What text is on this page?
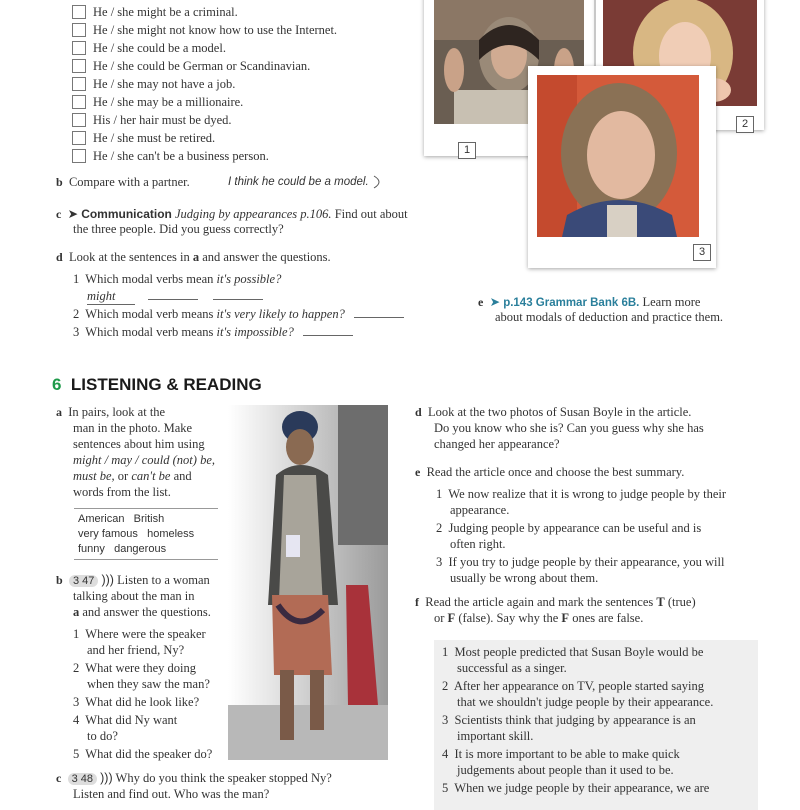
He / she might be a criminal.
He / she might not know how to use the Internet.
He / she could be a model.
He / she could be German or Scandinavian.
He / she may not have a job.
He / she may be a millionaire.
His / her hair must be dyed.
He / she must be retired.
He / she can't be a business person.
b Compare with a partner.	I think he could be a model.
c ➤ Communication Judging by appearances p.106. Find out about
the three people. Did you guess correctly?
d Look at the sentences in a and answer the questions.
1 Which modal verbs mean it's possible?
might
2 Which modal verb means it's very likely to happen?
3 Which modal verb means it's impossible?
e ➤ p.143 Grammar Bank 6B. Learn more
about modals of deduction and practice them.
1
2
3
6 LISTENING & READING
a In pairs, look at the
man in the photo. Make
sentences about him using
might / may / could (not) be,
must be, or can't be and
words from the list.
American   British
very famous   homeless
funny   dangerous
b 3 47 ))) Listen to a woman
talking about the man in
a and answer the questions.
1 Where were the speaker
and her friend, Ny?
2 What were they doing
when they saw the man?
3 What did he look like?
4 What did Ny want
to do?
5 What did the speaker do?
c 3 48 ))) Why do you think the speaker stopped Ny?
Listen and find out. Who was the man?
d Look at the two photos of Susan Boyle in the article.
Do you know who she is? Can you guess why she has
changed her appearance?
e Read the article once and choose the best summary.
1 We now realize that it is wrong to judge people by their
appearance.
2 Judging people by appearance can be useful and is
often right.
3 If you try to judge people by their appearance, you will
usually be wrong about them.
f Read the article again and mark the sentences T (true)
or F (false). Say why the F ones are false.
1 Most people predicted that Susan Boyle would be
successful as a singer.
2 After her appearance on TV, people started saying
that we shouldn't judge people by their appearance.
3 Scientists think that judging by appearance is an
important skill.
4 It is more important to be able to make quick
judgements about people than it used to be.
5 When we judge people by their appearance, we are
